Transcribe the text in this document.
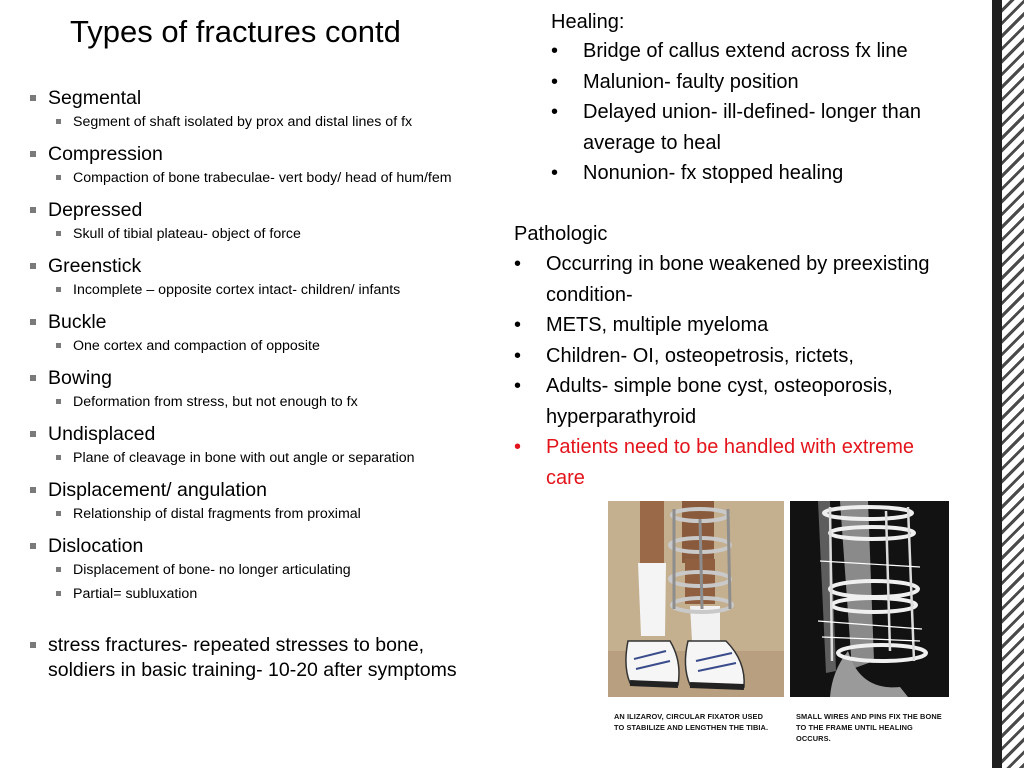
Types of fractures contd

Segmental

Segment of shaft isolated by prox and distal lines of fx

Compression

Compaction of bone trabeculae- vert body/ head of hum/fem

Depressed

Skull of tibial plateau- object of force

Greenstick

Incomplete – opposite cortex intact- children/ infants

Buckle

One cortex and compaction of opposite

Bowing

Deformation from stress, but not enough to fx

Undisplaced

Plane of cleavage in bone with out angle or separation

Displacement/ angulation

Relationship of distal fragments from proximal

Dislocation

Displacement of bone- no longer articulating

Partial= subluxation

stress fractures- repeated stresses to bone,
soldiers in basic training- 10-20 after symptoms

Healing:
• Bridge of callus extend across fx line
• Malunion- faulty position
• Delayed union- ill-defined- longer than average to heal
• Nonunion- fx stopped healing
Pathologic
• Occurring in bone weakened by preexisting condition-
• METS, multiple myeloma
• Children- OI, osteopetrosis, rictets,
• Adults- simple bone cyst, osteoporosis, hyperparathyroid
• Patients need to be handled with extreme care
AN ILIZAROV, CIRCULAR FIXATOR USED
TO STABILIZE AND LENGTHEN THE TIBIA.
SMALL WIRES AND PINS FIX THE BONE
TO THE FRAME UNTIL HEALING OCCURS.
